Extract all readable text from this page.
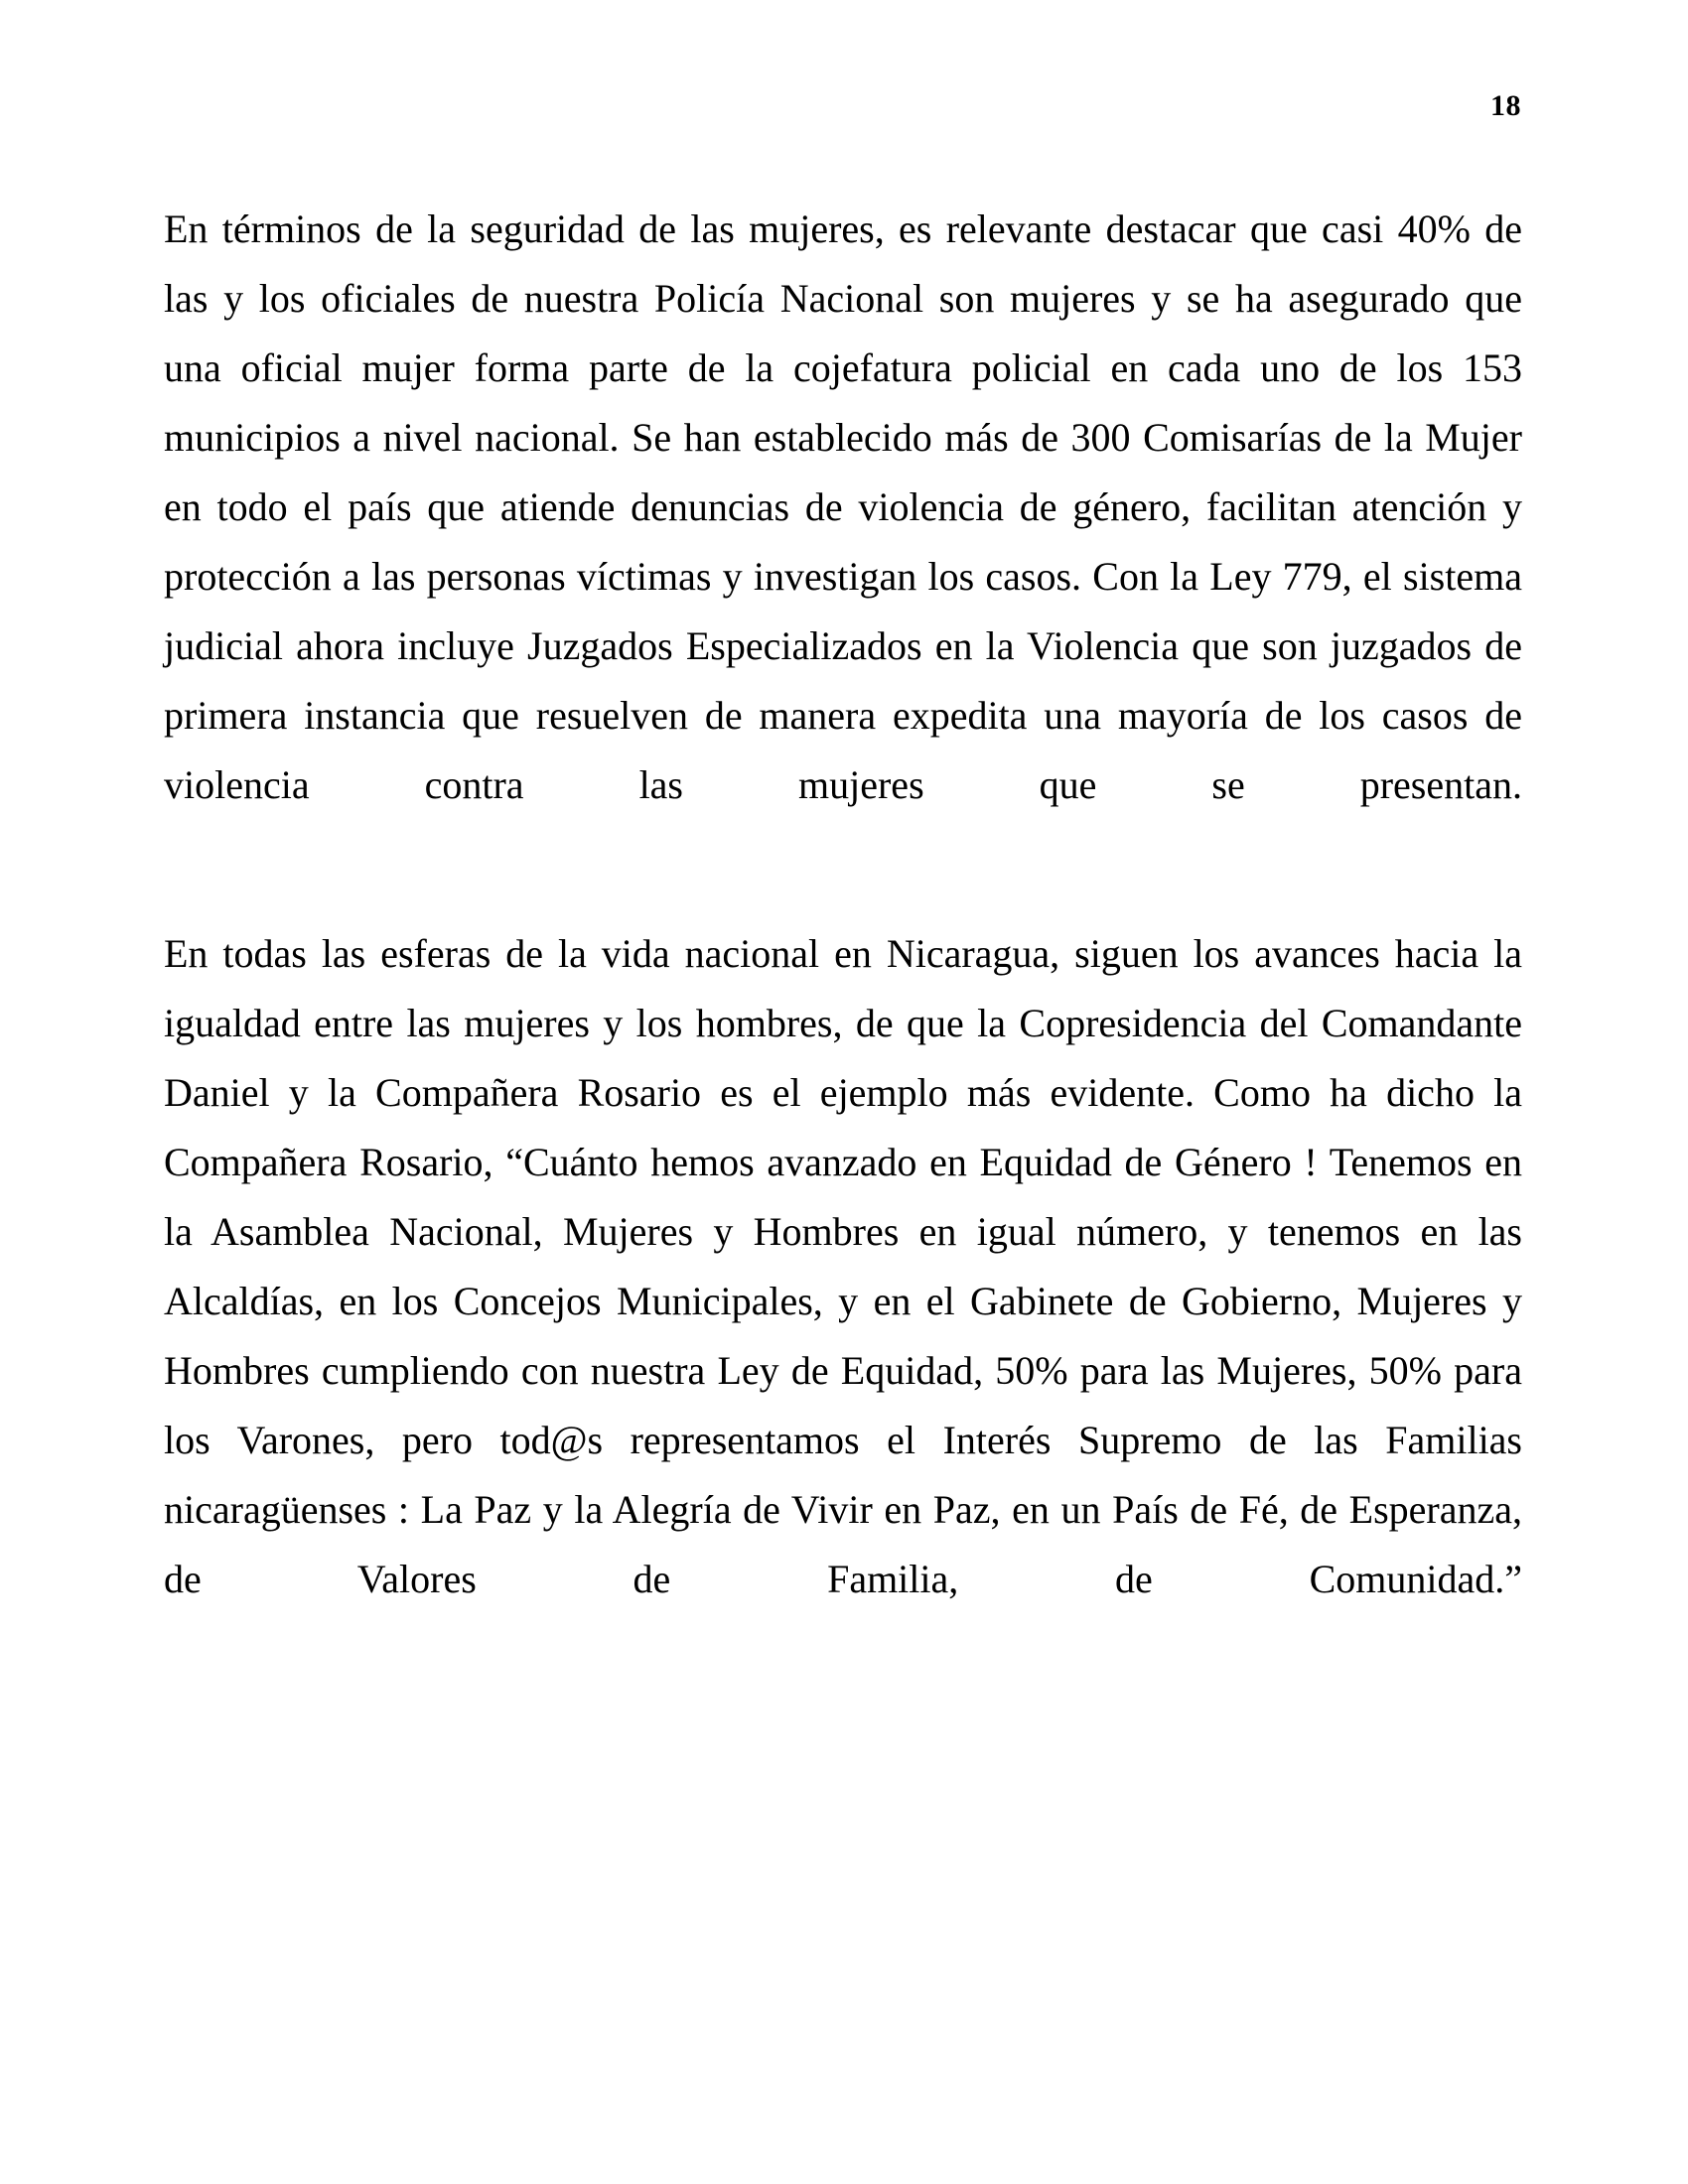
18

En términos de la seguridad de las mujeres, es relevante destacar que casi 40% de las y los oficiales de nuestra Policía Nacional son mujeres y se ha asegurado que una oficial mujer forma parte de la cojefatura policial en cada uno de los 153 municipios a nivel nacional. Se han establecido más de 300 Comisarías de la Mujer en todo el país que atiende denuncias de violencia de género, facilitan atención y protección a las personas víctimas y investigan los casos. Con la Ley 779, el sistema judicial ahora incluye Juzgados Especializados en la Violencia que son juzgados de primera instancia que resuelven de manera expedita una mayoría de los casos de violencia contra las mujeres que se presentan.

En todas las esferas de la vida nacional en Nicaragua, siguen los avances hacia la igualdad entre las mujeres y los hombres, de que la Copresidencia del Comandante Daniel y la Compañera Rosario es el ejemplo más evidente. Como ha dicho la Compañera Rosario, “Cuánto hemos avanzado en Equidad de Género ! Tenemos en la Asamblea Nacional, Mujeres y Hombres en igual número, y tenemos en las Alcaldías, en los Concejos Municipales, y en el Gabinete de Gobierno, Mujeres y Hombres cumpliendo con nuestra Ley de Equidad, 50% para las Mujeres, 50% para los Varones, pero tod@s representamos el Interés Supremo de las Familias nicaragüenses : La Paz y la Alegría de Vivir en Paz, en un País de Fé, de Esperanza, de Valores de Familia, de Comunidad.”
